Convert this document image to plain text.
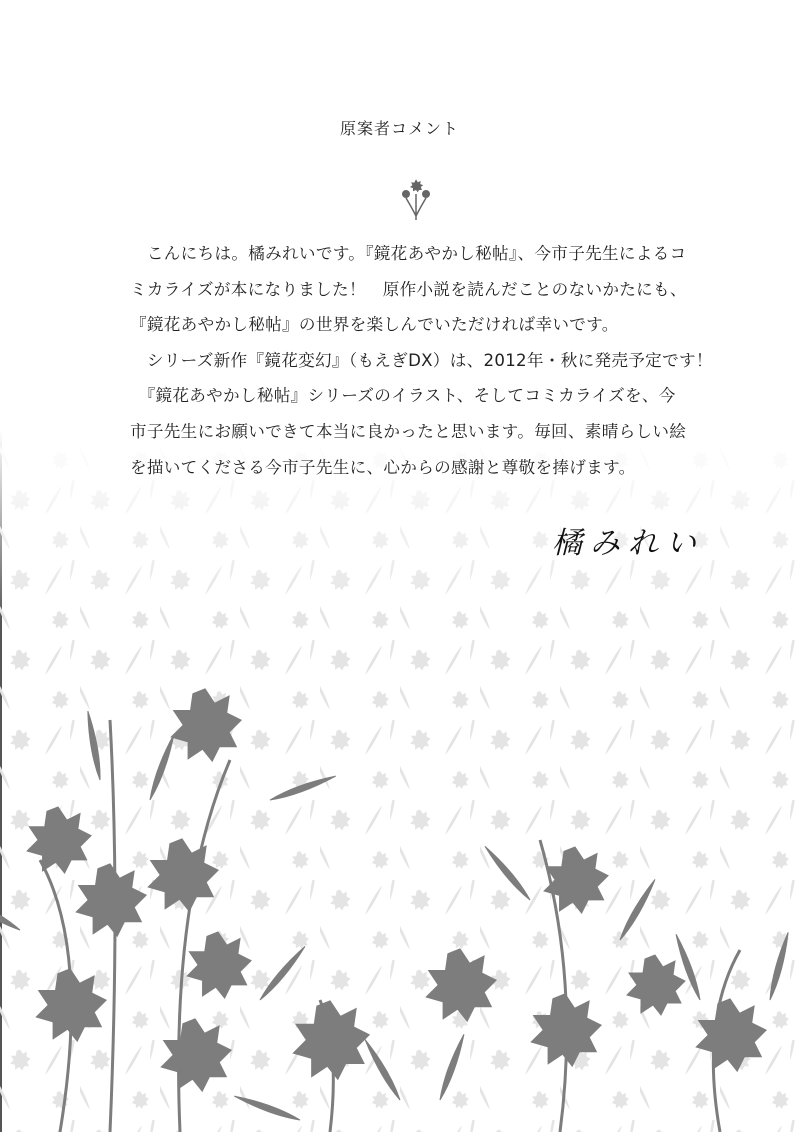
原案者コメント
　こんにちは。橘みれいです。『鏡花あやかし秘帖』、今市子先生によるコ
ミカライズが本になりました！　原作小説を読んだことのないかたにも、
『鏡花あやかし秘帖』の世界を楽しんでいただければ幸いです。
　シリーズ新作『鏡花変幻』（もえぎDX）は、2012年・秋に発売予定です！
　『鏡花あやかし秘帖』シリーズのイラスト、そしてコミカライズを、今
市子先生にお願いできて本当に良かったと思います。毎回、素晴らしい絵
を描いてくださる今市子先生に、心からの感謝と尊敬を捧げます。
橘みれい
